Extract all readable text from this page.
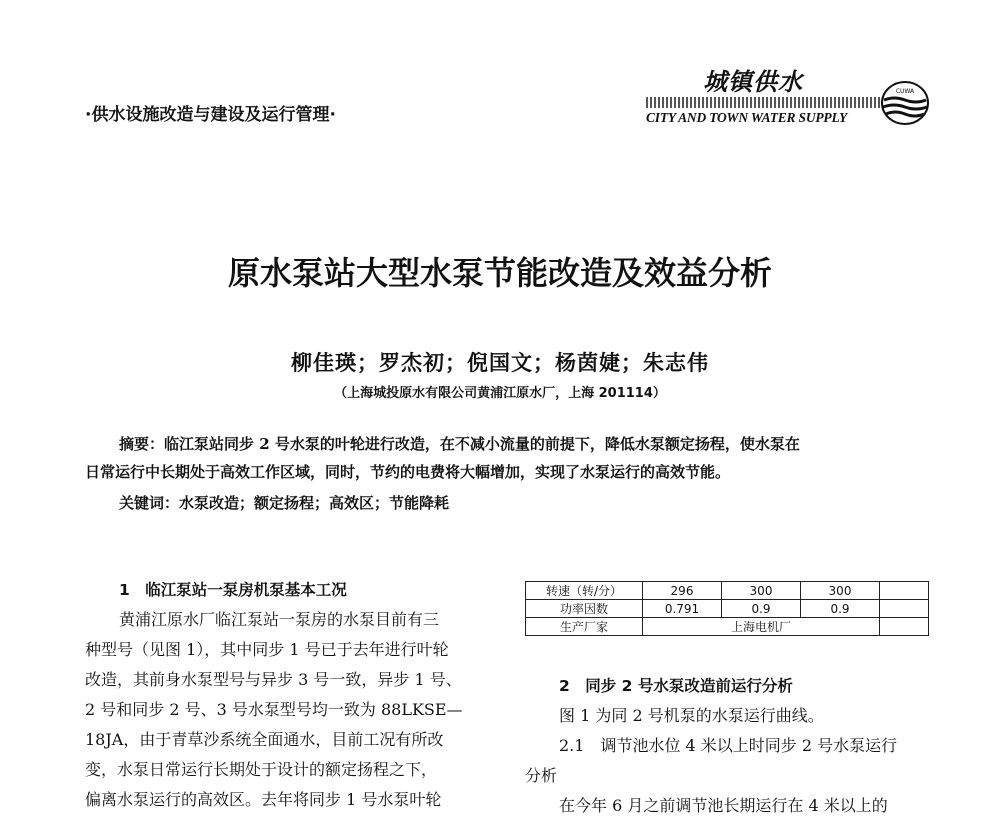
·供水设施改造与建设及运行管理·
城镇供水
CITY AND TOWN WATER SUPPLY
CUWA
原水泵站大型水泵节能改造及效益分析
柳佳瑛；罗杰初；倪国文；杨茵婕；朱志伟
（上海城投原水有限公司黄浦江原水厂，上海 201114）
摘要：临江泵站同步 2 号水泵的叶轮进行改造，在不减小流量的前提下，降低水泵额定扬程，使水泵在
日常运行中长期处于高效工作区域，同时，节约的电费将大幅增加，实现了水泵运行的高效节能。
关键词：水泵改造；额定扬程；高效区；节能降耗
1　临江泵站一泵房机泵基本工况
黄浦江原水厂临江泵站一泵房的水泵目前有三
种型号（见图 1），其中同步 1 号已于去年进行叶轮
改造，其前身水泵型号与异步 3 号一致，异步 1 号、
2 号和同步 2 号、3 号水泵型号均一致为 88LKSE—
18JA，由于青草沙系统全面通水，目前工况有所改
变，水泵日常运行长期处于设计的额定扬程之下，
偏离水泵运行的高效区。去年将同步 1 号水泵叶轮
转速（转/分）	296	300	300	
功率因数	0.791	0.9	0.9	
生产厂家	上海电机厂			
2　同步 2 号水泵改造前运行分析
图 1 为同 2 号机泵的水泵运行曲线。
2.1　调节池水位 4 米以上时同步 2 号水泵运行
分析
在今年 6 月之前调节池长期运行在 4 米以上的
